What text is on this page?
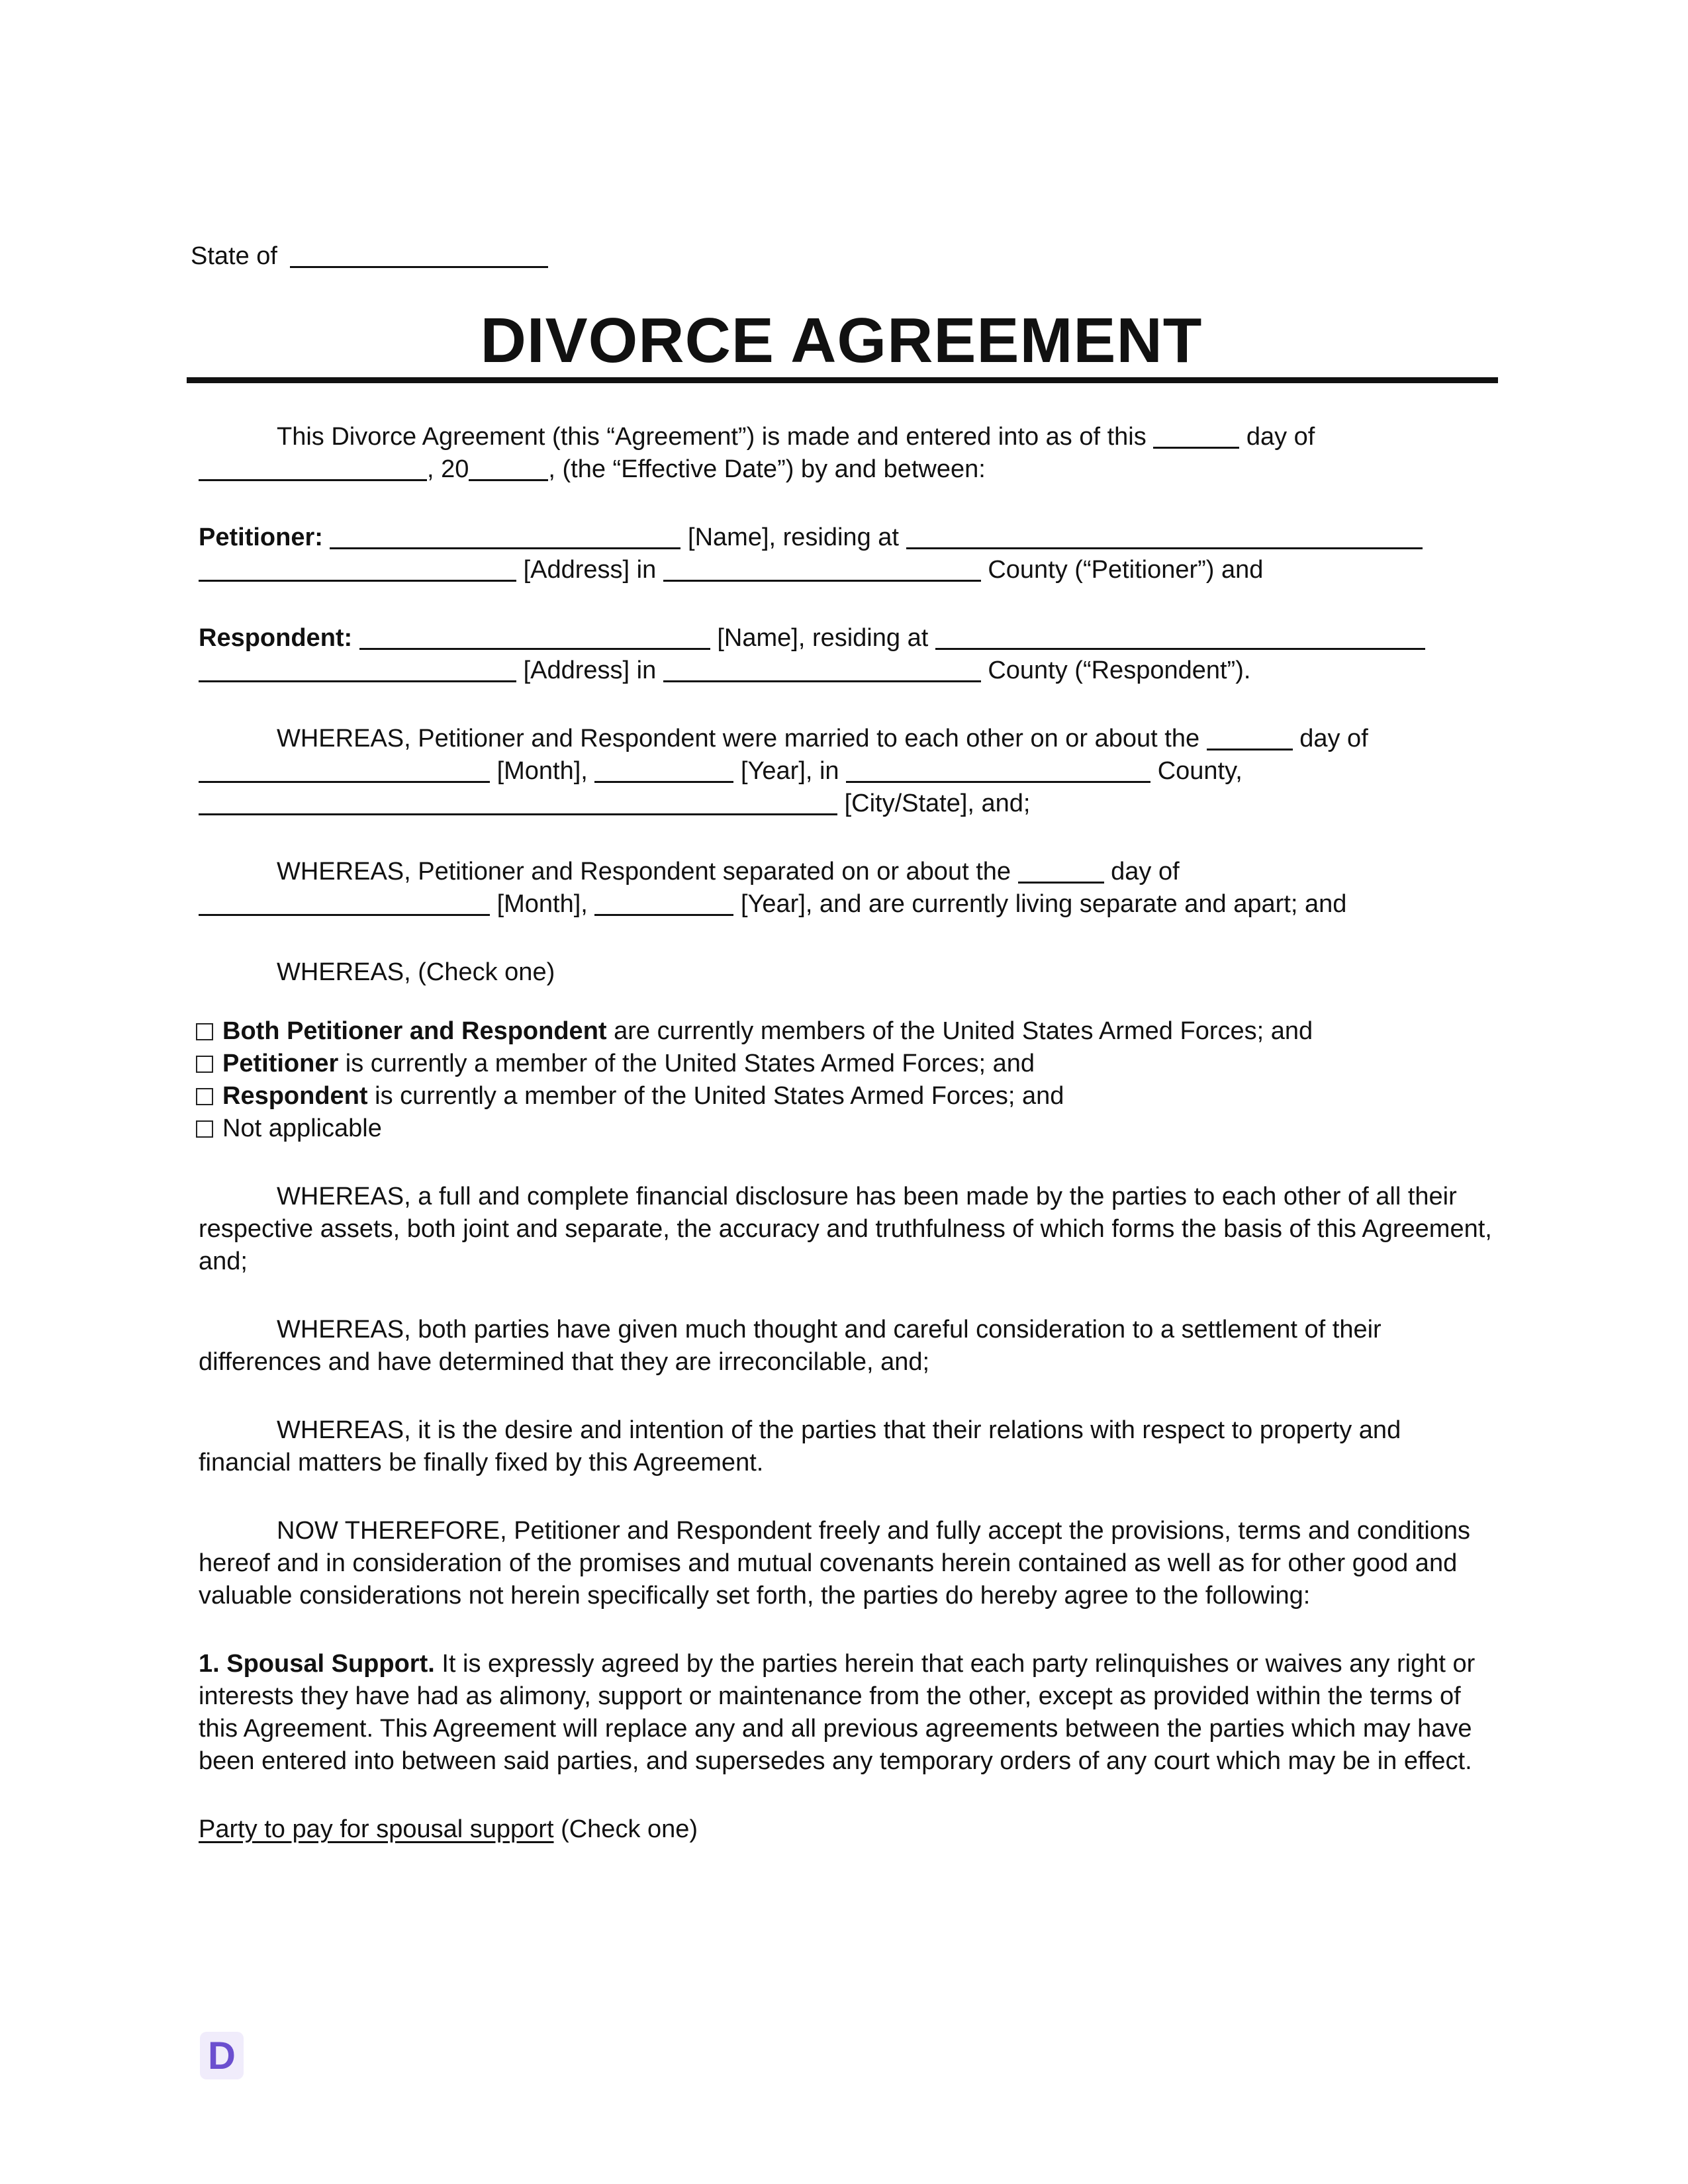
State of
DIVORCE AGREEMENT
This Divorce Agreement (this “Agreement”) is made and entered into as of this	day of
, 20	, (the “Effective Date”) by and between:
Petitioner:	[Name], residing at
[Address] in	County (“Petitioner”) and
Respondent:	[Name], residing at
[Address] in	County (“Respondent”).
WHEREAS, Petitioner and Respondent were married to each other on or about the	day of
[Month],	[Year], in	County,
[City/State], and;
WHEREAS, Petitioner and Respondent separated on or about the	day of
[Month],	[Year], and are currently living separate and apart; and
WHEREAS, (Check one)
Both Petitioner and Respondent are currently members of the United States Armed Forces; and
Petitioner is currently a member of the United States Armed Forces; and
Respondent is currently a member of the United States Armed Forces; and
Not applicable
WHEREAS, a full and complete financial disclosure has been made by the parties to each other of all their respective assets, both joint and separate, the accuracy and truthfulness of which forms the basis of this Agreement, and;
WHEREAS, both parties have given much thought and careful consideration to a settlement of their differences and have determined that they are irreconcilable, and;
WHEREAS, it is the desire and intention of the parties that their relations with respect to property and financial matters be finally fixed by this Agreement.
NOW THEREFORE, Petitioner and Respondent freely and fully accept the provisions, terms and conditions hereof and in consideration of the promises and mutual covenants herein contained as well as for other good and valuable considerations not herein specifically set forth, the parties do hereby agree to the following:
1. Spousal Support. It is expressly agreed by the parties herein that each party relinquishes or waives any right or interests they have had as alimony, support or maintenance from the other, except as provided within the terms of this Agreement. This Agreement will replace any and all previous agreements between the parties which may have been entered into between said parties, and supersedes any temporary orders of any court which may be in effect.
Party to pay for spousal support (Check one)
D
